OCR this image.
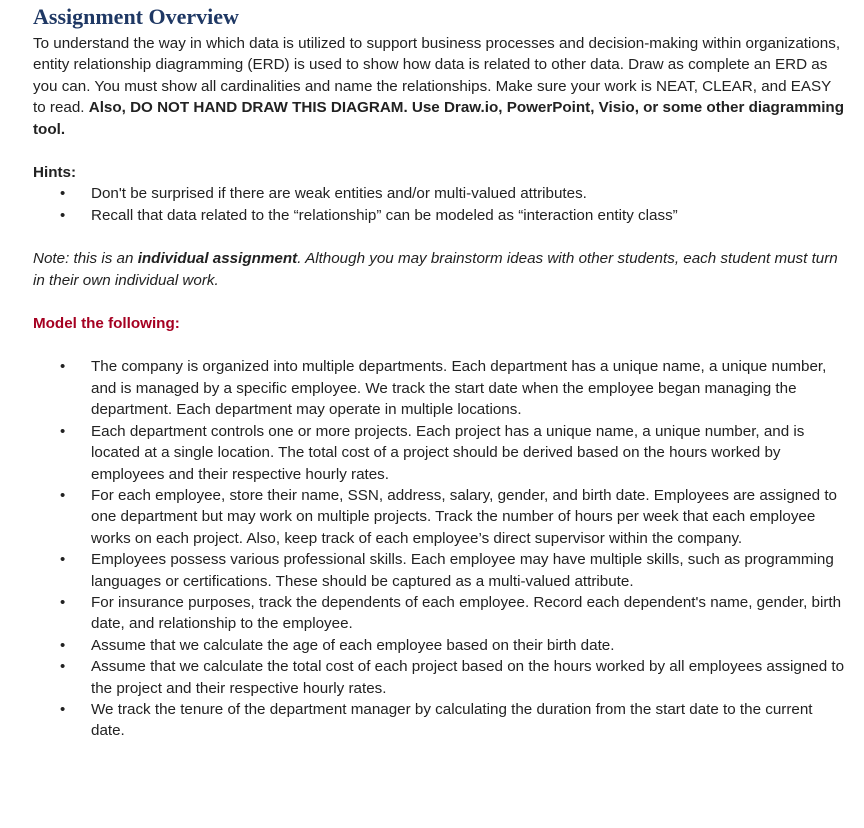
Assignment Overview

To understand the way in which data is utilized to support business processes and decision-making within organizations, entity relationship diagramming (ERD) is used to show how data is related to other data. Draw as complete an ERD as you can. You must show all cardinalities and name the relationships. Make sure your work is NEAT, CLEAR, and EASY to read. Also, DO NOT HAND DRAW THIS DIAGRAM. Use Draw.io, PowerPoint, Visio, or some other diagramming tool.

Hints:

• Don't be surprised if there are weak entities and/or multi-valued attributes.
• Recall that data related to the “relationship” can be modeled as “interaction entity class”

Note: this is an individual assignment. Although you may brainstorm ideas with other students, each student must turn in their own individual work.

Model the following:

• The company is organized into multiple departments. Each department has a unique name, a unique number, and is managed by a specific employee. We track the start date when the employee began managing the department. Each department may operate in multiple locations.
• Each department controls one or more projects. Each project has a unique name, a unique number, and is located at a single location. The total cost of a project should be derived based on the hours worked by employees and their respective hourly rates.
• For each employee, store their name, SSN, address, salary, gender, and birth date. Employees are assigned to one department but may work on multiple projects. Track the number of hours per week that each employee works on each project. Also, keep track of each employee’s direct supervisor within the company.
• Employees possess various professional skills. Each employee may have multiple skills, such as programming languages or certifications. These should be captured as a multi-valued attribute.
• For insurance purposes, track the dependents of each employee. Record each dependent's name, gender, birth date, and relationship to the employee.
• Assume that we calculate the age of each employee based on their birth date.
• Assume that we calculate the total cost of each project based on the hours worked by all employees assigned to the project and their respective hourly rates.
• We track the tenure of the department manager by calculating the duration from the start date to the current date.
